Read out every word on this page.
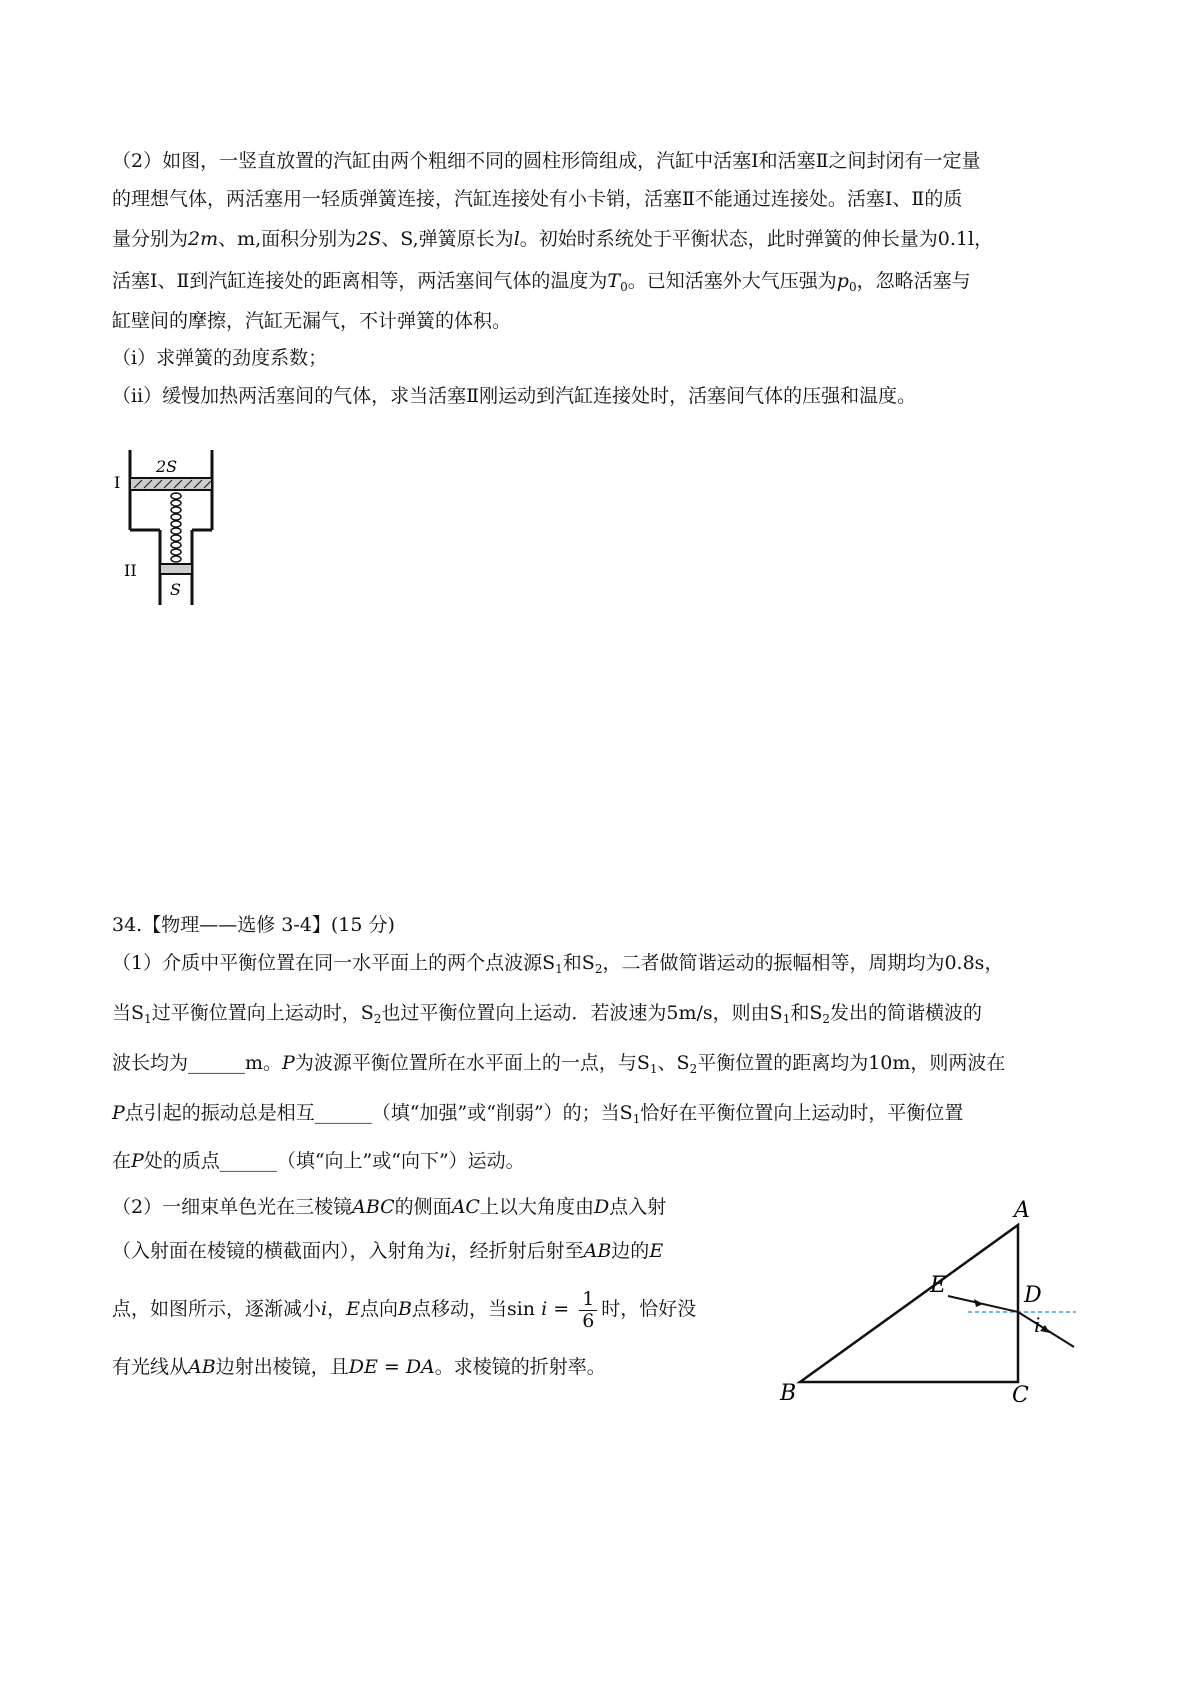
（2）如图，一竖直放置的汽缸由两个粗细不同的圆柱形筒组成，汽缸中活塞Ⅰ和活塞Ⅱ之间封闭有一定量
的理想气体，两活塞用一轻质弹簧连接，汽缸连接处有小卡销，活塞Ⅱ不能通过连接处。活塞Ⅰ、Ⅱ的质
量分别为2m、m,面积分别为2S、S,弹簧原长为l。初始时系统处于平衡状态，此时弹簧的伸长量为0.1l，
活塞Ⅰ、Ⅱ到汽缸连接处的距离相等，两活塞间气体的温度为$T_0$。已知活塞外大气压强为$p_0$，忽略活塞与
缸壁间的摩擦，汽缸无漏气，不计弹簧的体积。
（ⅰ）求弹簧的劲度系数；
（ⅱ）缓慢加热两活塞间的气体，求当活塞Ⅱ刚运动到汽缸连接处时，活塞间气体的压强和温度。
2S
I
II
S
34.【物理——选修 3-4】(15 分)
（1）介质中平衡位置在同一水平面上的两个点波源$S_1$和$S_2$，二者做简谐运动的振幅相等，周期均为0.8s，
当$S_1$过平衡位置向上运动时，$S_2$也过平衡位置向上运动．若波速为5m/s，则由$S_1$和$S_2$发出的简谐横波的
波长均为______m。P为波源平衡位置所在水平面上的一点，与$S_1$、$S_2$平衡位置的距离均为10m，则两波在
P点引起的振动总是相互______（填“加强”或“削弱”）的；当$S_1$恰好在平衡位置向上运动时，平衡位置
在P处的质点______（填“向上”或“向下”）运动。
（2）一细束单色光在三棱镜ABC的侧面AC上以大角度由D点入射
（入射面在棱镜的横截面内），入射角为i，经折射后射至AB边的E
点，如图所示，逐渐减小i，E点向B点移动，当$\sin i = \frac{1}{6}$ 时，恰好没
有光线从AB边射出棱镜，且DE = DA。求棱镜的折射率。
A
B	C
D
E
i
